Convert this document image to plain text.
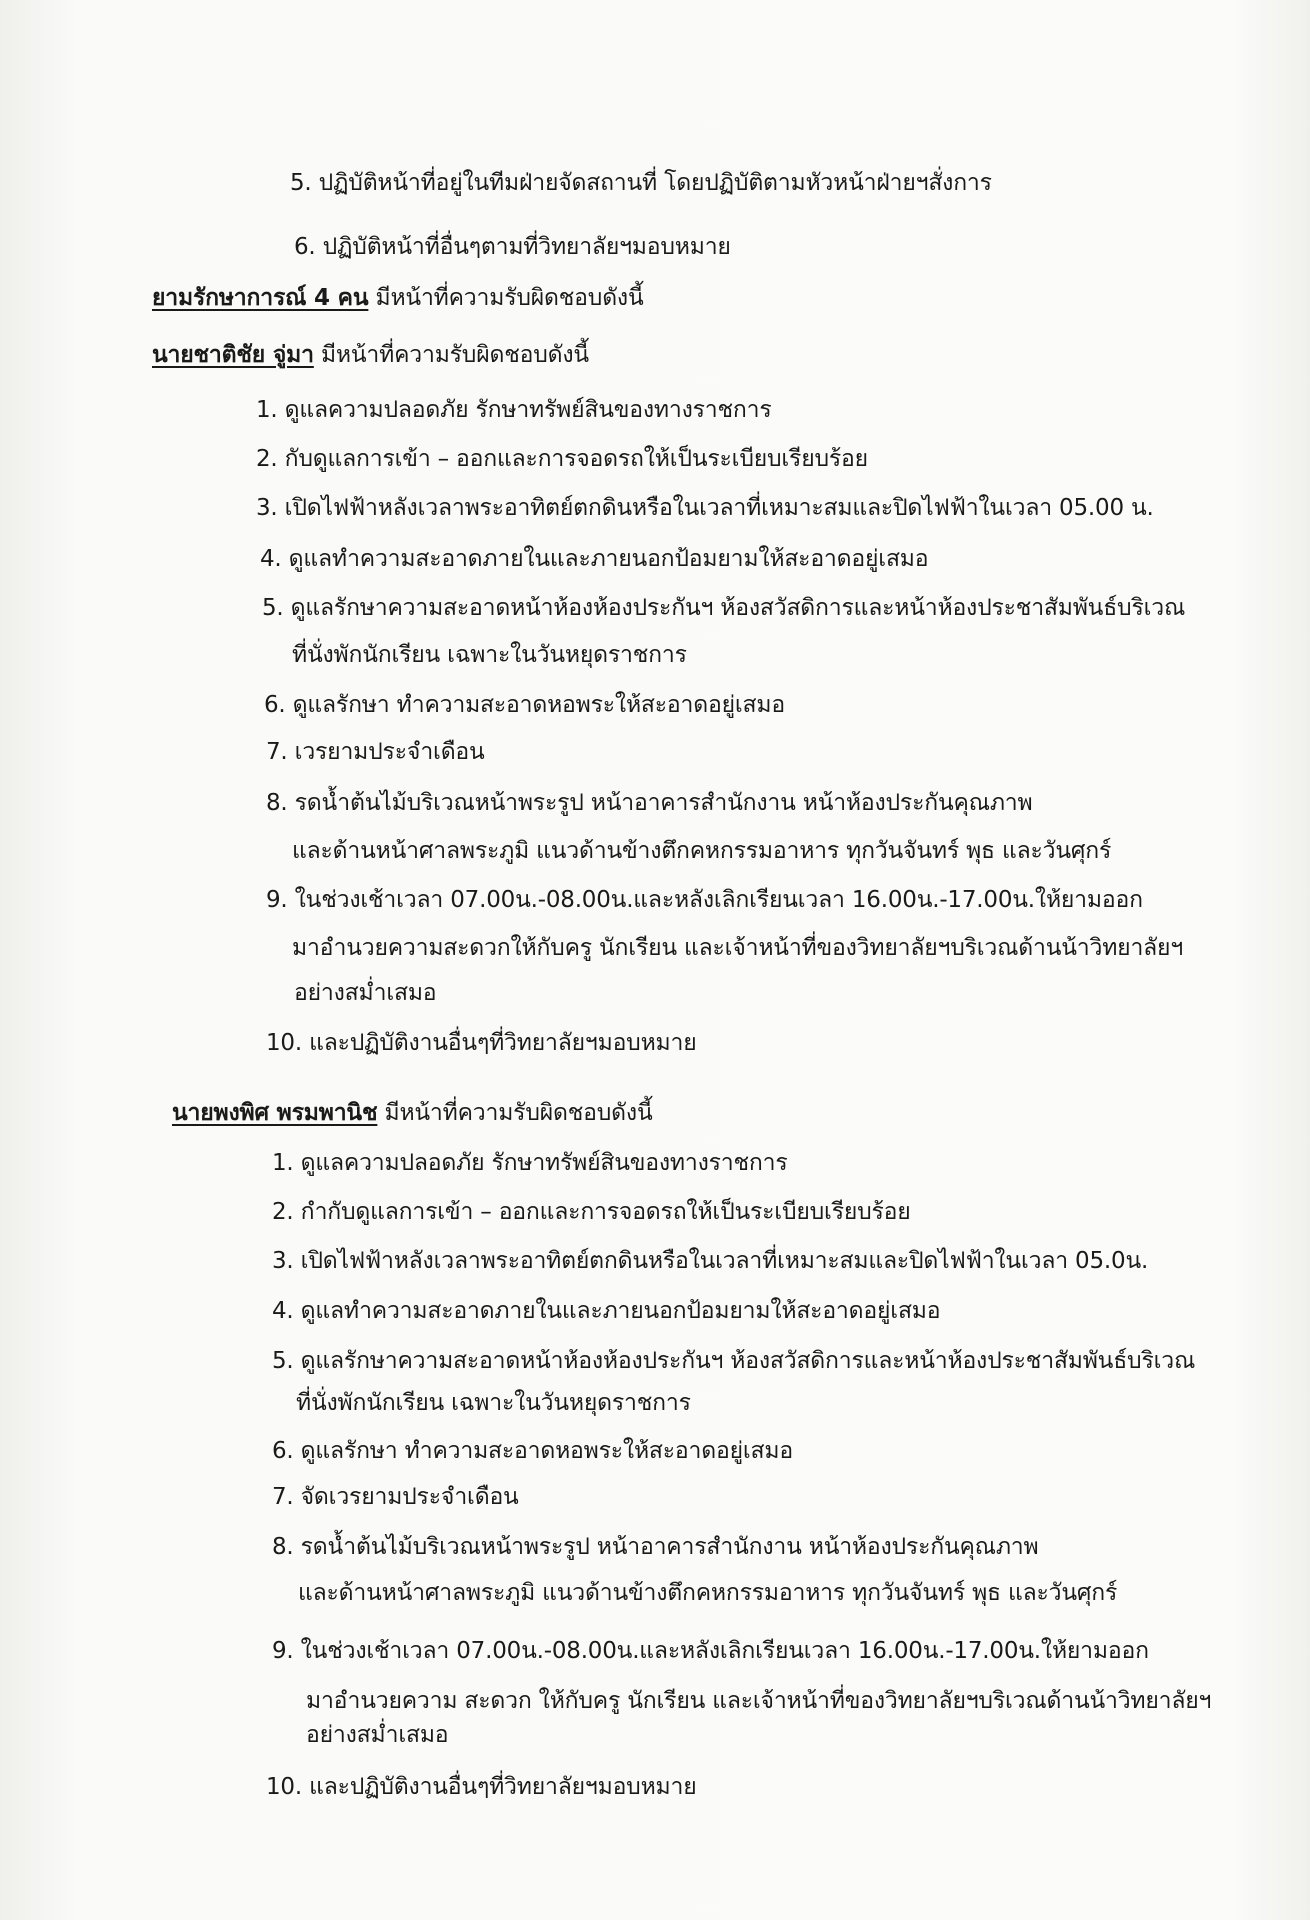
5. ปฏิบัติหน้าที่อยู่ในทีมฝ่ายจัดสถานที่ โดยปฏิบัติตามหัวหน้าฝ่ายฯสั่งการ

6. ปฏิบัติหน้าที่อื่นๆตามที่วิทยาลัยฯมอบหมาย

ยามรักษาการณ์ 4 คน มีหน้าที่ความรับผิดชอบดังนี้

นายชาติชัย จู่มา มีหน้าที่ความรับผิดชอบดังนี้

1. ดูแลความปลอดภัย รักษาทรัพย์สินของทางราชการ

2. กับดูแลการเข้า – ออกและการจอดรถให้เป็นระเบียบเรียบร้อย

3. เปิดไฟฟ้าหลังเวลาพระอาทิตย์ตกดินหรือในเวลาที่เหมาะสมและปิดไฟฟ้าในเวลา 05.00 น.

4. ดูแลทำความสะอาดภายในและภายนอกป้อมยามให้สะอาดอยู่เสมอ

5. ดูแลรักษาความสะอาดหน้าห้องห้องประกันฯ ห้องสวัสดิการและหน้าห้องประชาสัมพันธ์บริเวณ

ที่นั่งพักนักเรียน เฉพาะในวันหยุดราชการ

6. ดูแลรักษา ทำความสะอาดหอพระให้สะอาดอยู่เสมอ

7. เวรยามประจำเดือน

8. รดน้ำต้นไม้บริเวณหน้าพระรูป หน้าอาคารสำนักงาน หน้าห้องประกันคุณภาพ

และด้านหน้าศาลพระภูมิ แนวด้านข้างตึกคหกรรมอาหาร ทุกวันจันทร์ พุธ และวันศุกร์

9. ในช่วงเช้าเวลา 07.00น.-08.00น.และหลังเลิกเรียนเวลา 16.00น.-17.00น.ให้ยามออก

มาอำนวยความสะดวกให้กับครู นักเรียน และเจ้าหน้าที่ของวิทยาลัยฯบริเวณด้านน้าวิทยาลัยฯ

อย่างสม่ำเสมอ

10. และปฏิบัติงานอื่นๆที่วิทยาลัยฯมอบหมาย

นายพงพิศ พรมพานิช มีหน้าที่ความรับผิดชอบดังนี้

1. ดูแลความปลอดภัย รักษาทรัพย์สินของทางราชการ

2. กำกับดูแลการเข้า – ออกและการจอดรถให้เป็นระเบียบเรียบร้อย

3. เปิดไฟฟ้าหลังเวลาพระอาทิตย์ตกดินหรือในเวลาที่เหมาะสมและปิดไฟฟ้าในเวลา 05.0น.

4. ดูแลทำความสะอาดภายในและภายนอกป้อมยามให้สะอาดอยู่เสมอ

5. ดูแลรักษาความสะอาดหน้าห้องห้องประกันฯ ห้องสวัสดิการและหน้าห้องประชาสัมพันธ์บริเวณ

ที่นั่งพักนักเรียน เฉพาะในวันหยุดราชการ

6. ดูแลรักษา ทำความสะอาดหอพระให้สะอาดอยู่เสมอ

7. จัดเวรยามประจำเดือน

8. รดน้ำต้นไม้บริเวณหน้าพระรูป หน้าอาคารสำนักงาน หน้าห้องประกันคุณภาพ

และด้านหน้าศาลพระภูมิ แนวด้านข้างตึกคหกรรมอาหาร ทุกวันจันทร์ พุธ และวันศุกร์

9. ในช่วงเช้าเวลา 07.00น.-08.00น.และหลังเลิกเรียนเวลา 16.00น.-17.00น.ให้ยามออก

มาอำนวยความ สะดวก ให้กับครู นักเรียน และเจ้าหน้าที่ของวิทยาลัยฯบริเวณด้านน้าวิทยาลัยฯ

อย่างสม่ำเสมอ

10. และปฏิบัติงานอื่นๆที่วิทยาลัยฯมอบหมาย
